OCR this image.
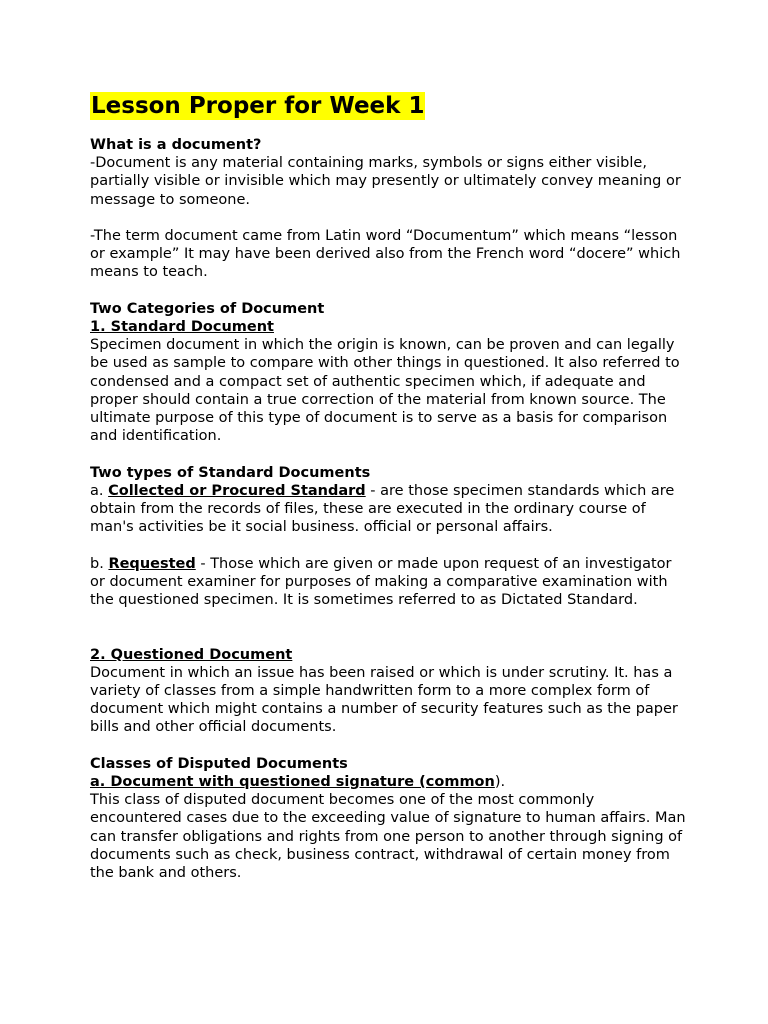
Lesson Proper for Week 1

What is a document?

-Document is any material containing marks, symbols or signs either visible, partially visible or invisible which may presently or ultimately convey meaning or message to someone.

-The term document came from Latin word “Documentum” which means “lesson or example” It may have been derived also from the French word “docere” which means to teach.

Two Categories of Document

1. Standard Document

Specimen document in which the origin is known, can be proven and can legally be used as sample to compare with other things in questioned. It also referred to condensed and a compact set of authentic specimen which, if adequate and proper should contain a true correction of the material from known source. The ultimate purpose of this type of document is to serve as a basis for comparison and identification.

Two types of Standard Documents

a. Collected or Procured Standard - are those specimen standards which are obtain from the records of files, these are executed in the ordinary course of man's activities be it social business. official or personal affairs.

b. Requested - Those which are given or made upon request of an investigator or document examiner for purposes of making a comparative examination with the questioned specimen. It is sometimes referred to as Dictated Standard.

2. Questioned Document

Document in which an issue has been raised or which is under scrutiny. It. has a variety of classes from a simple handwritten form to a more complex form of document which might contains a number of security features such as the paper bills and other official documents.

Classes of Disputed Documents

a. Document with questioned signature (common).

This class of disputed document becomes one of the most commonly encountered cases due to the exceeding value of signature to human affairs. Man can transfer obligations and rights from one person to another through signing of documents such as check, business contract, withdrawal of certain money from the bank and others.
